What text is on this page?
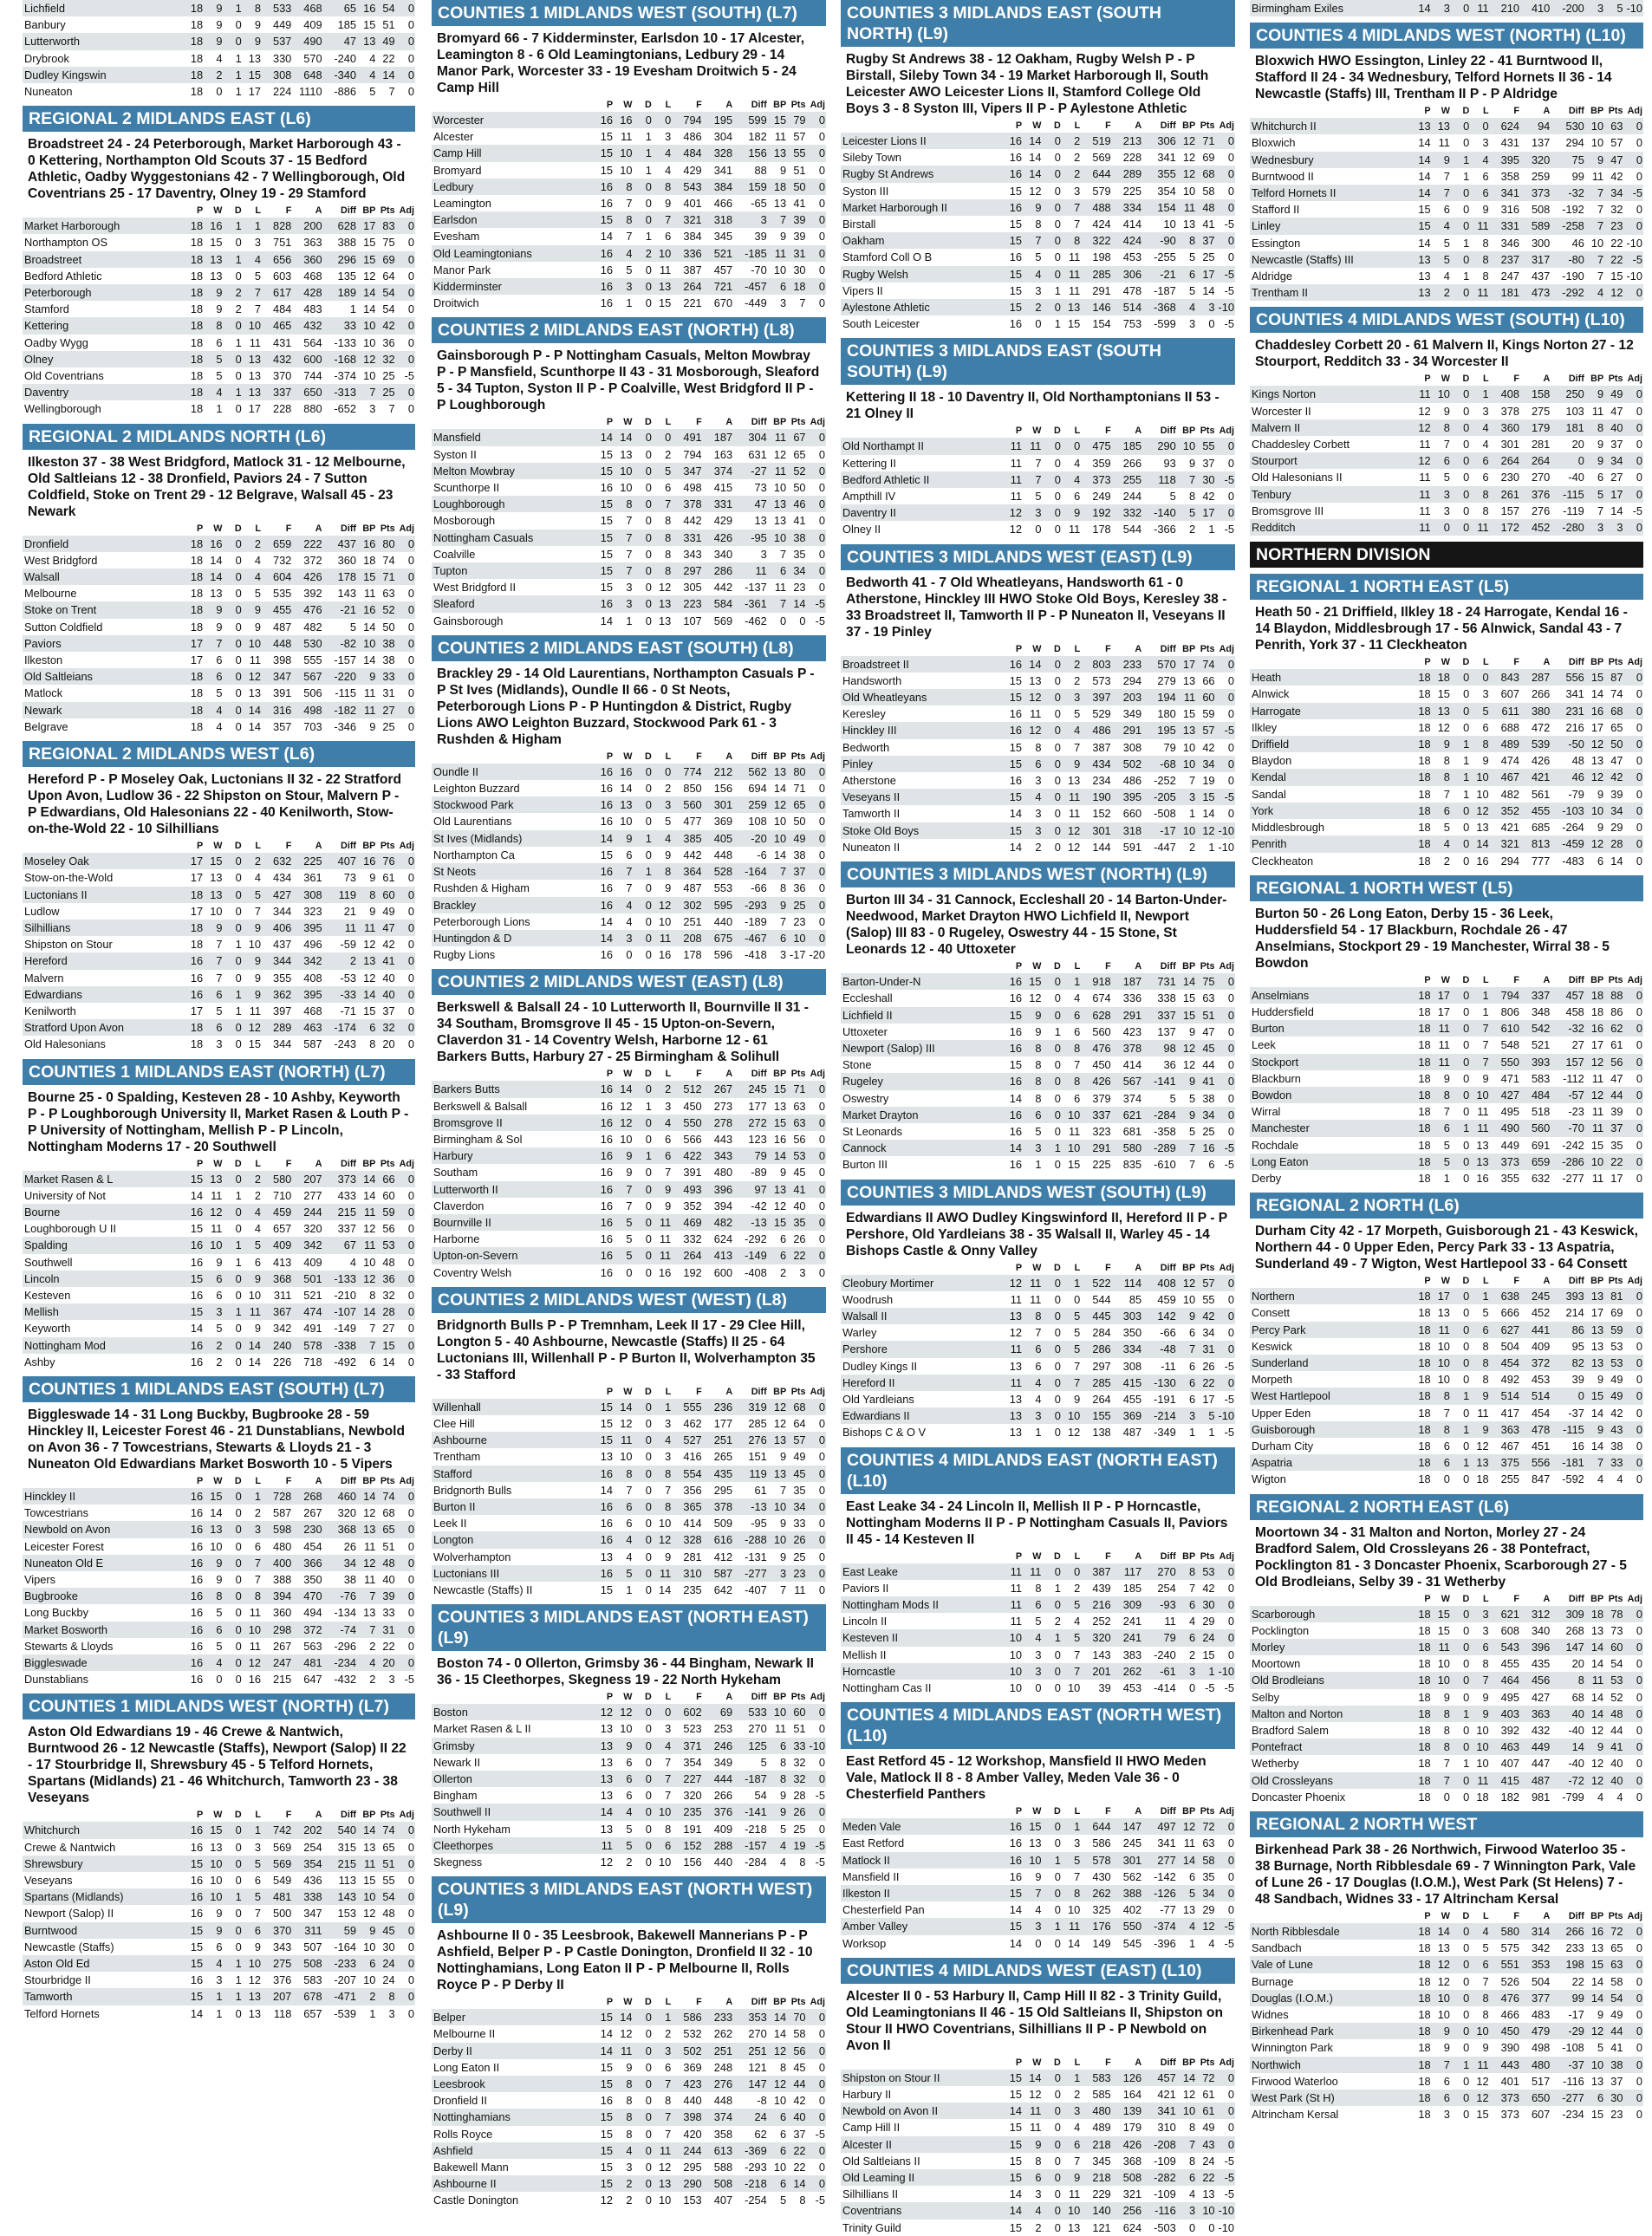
Lichfield	18	9	1	8	533	468	65	16	54	0
Banbury	18	9	0	9	449	409	185	15	51	0
Lutterworth	18	9	0	9	537	490	47	13	49	0
Drybrook	18	4	1	13	330	570	-240	4	22	0
Dudley Kingswin	18	2	1	15	308	648	-340	4	14	0
Nuneaton	18	0	1	17	224	1110	-886	5	7	0
REGIONAL 2 MIDLANDS EAST (L6)
Broadstreet 24 - 24 Peterborough, Market Harborough 43 - 0 Kettering, Northampton Old Scouts 37 - 15 Bedford Athletic, Oadby Wyggestonians 42 - 7 Wellingborough, Old Coventrians 25 - 17 Daventry, Olney 19 - 29 Stamford
	P	W	D	L	F	A	Diff	BP	Pts	Adj
Market Harborough	18	16	1	1	828	200	628	17	83	0
Northampton OS	18	15	0	3	751	363	388	15	75	0
Broadstreet	18	13	1	4	656	360	296	15	69	0
Bedford Athletic	18	13	0	5	603	468	135	12	64	0
Peterborough	18	9	2	7	617	428	189	14	54	0
Stamford	18	9	2	7	484	483	1	14	54	0
Kettering	18	8	0	10	465	432	33	10	42	0
Oadby Wygg	18	6	1	11	431	564	-133	10	36	0
Olney	18	5	0	13	432	600	-168	12	32	0
Old Coventrians	18	5	0	13	370	744	-374	10	25	-5
Daventry	18	4	1	13	337	650	-313	7	25	0
Wellingborough	18	1	0	17	228	880	-652	3	7	0
REGIONAL 2 MIDLANDS NORTH (L6)
Ilkeston 37 - 38 West Bridgford, Matlock 31 - 12 Melbourne, Old Saltleians 12 - 38 Dronfield, Paviors 24 - 7 Sutton Coldfield, Stoke on Trent 29 - 12 Belgrave, Walsall 45 - 23 Newark
	P	W	D	L	F	A	Diff	BP	Pts	Adj
Dronfield	18	16	0	2	659	222	437	16	80	0
West Bridgford	18	14	0	4	732	372	360	18	74	0
Walsall	18	14	0	4	604	426	178	15	71	0
Melbourne	18	13	0	5	535	392	143	11	63	0
Stoke on Trent	18	9	0	9	455	476	-21	16	52	0
Sutton Coldfield	18	9	0	9	487	482	5	14	50	0
Paviors	17	7	0	10	448	530	-82	10	38	0
Ilkeston	17	6	0	11	398	555	-157	14	38	0
Old Saltleians	18	6	0	12	347	567	-220	9	33	0
Matlock	18	5	0	13	391	506	-115	11	31	0
Newark	18	4	0	14	316	498	-182	11	27	0
Belgrave	18	4	0	14	357	703	-346	9	25	0
REGIONAL 2 MIDLANDS WEST (L6)
Hereford P - P Moseley Oak, Luctonians II 32 - 22 Stratford Upon Avon, Ludlow 36 - 22 Shipston on Stour, Malvern P - P Edwardians, Old Halesonians 22 - 40 Kenilworth, Stow-on-the-Wold 22 - 10 Silhillians
	P	W	D	L	F	A	Diff	BP	Pts	Adj
Moseley Oak	17	15	0	2	632	225	407	16	76	0
Stow-on-the-Wold	17	13	0	4	434	361	73	9	61	0
Luctonians II	18	13	0	5	427	308	119	8	60	0
Ludlow	17	10	0	7	344	323	21	9	49	0
Silhillians	18	9	0	9	406	395	11	11	47	0
Shipston on Stour	18	7	1	10	437	496	-59	12	42	0
Hereford	16	7	0	9	344	342	2	13	41	0
Malvern	16	7	0	9	355	408	-53	12	40	0
Edwardians	16	6	1	9	362	395	-33	14	40	0
Kenilworth	17	5	1	11	397	468	-71	15	37	0
Stratford Upon Avon	18	6	0	12	289	463	-174	6	32	0
Old Halesonians	18	3	0	15	344	587	-243	8	20	0
COUNTIES 1 MIDLANDS EAST (NORTH) (L7)
Bourne 25 - 0 Spalding, Kesteven 28 - 10 Ashby, Keyworth P - P Loughborough University II, Market Rasen & Louth P - P University of Nottingham, Mellish P - P Lincoln, Nottingham Moderns 17 - 20 Southwell
	P	W	D	L	F	A	Diff	BP	Pts	Adj
Market Rasen & L	15	13	0	2	580	207	373	14	66	0
University of Not	14	11	1	2	710	277	433	14	60	0
Bourne	16	12	0	4	459	244	215	11	59	0
Loughborough U II	15	11	0	4	657	320	337	12	56	0
Spalding	16	10	1	5	409	342	67	11	53	0
Southwell	16	9	1	6	413	409	4	10	48	0
Lincoln	15	6	0	9	368	501	-133	12	36	0
Kesteven	16	6	0	10	311	521	-210	8	32	0
Mellish	15	3	1	11	367	474	-107	14	28	0
Keyworth	14	5	0	9	342	491	-149	7	27	0
Nottingham Mod	16	2	0	14	240	578	-338	7	15	0
Ashby	16	2	0	14	226	718	-492	6	14	0
COUNTIES 1 MIDLANDS EAST (SOUTH) (L7)
Biggleswade 14 - 31 Long Buckby, Bugbrooke 28 - 59 Hinckley II, Leicester Forest 46 - 21 Dunstablians, Newbold on Avon 36 - 7 Towcestrians, Stewarts & Lloyds 21 - 3 Nuneaton Old Edwardians Market Bosworth 10 - 5 Vipers
	P	W	D	L	F	A	Diff	BP	Pts	Adj
Hinckley II	16	15	0	1	728	268	460	14	74	0
Towcestrians	16	14	0	2	587	267	320	12	68	0
Newbold on Avon	16	13	0	3	598	230	368	13	65	0
Leicester Forest	16	10	0	6	480	454	26	11	51	0
Nuneaton Old E	16	9	0	7	400	366	34	12	48	0
Vipers	16	9	0	7	388	350	38	11	40	0
Bugbrooke	16	8	0	8	394	470	-76	7	39	0
Long Buckby	16	5	0	11	360	494	-134	13	33	0
Market Bosworth	16	6	0	10	298	372	-74	7	31	0
Stewarts & Lloyds	16	5	0	11	267	563	-296	2	22	0
Biggleswade	16	4	0	12	247	481	-234	4	20	0
Dunstablians	16	0	0	16	215	647	-432	2	3	-5
COUNTIES 1 MIDLANDS WEST (NORTH) (L7)
Aston Old Edwardians 19 - 46 Crewe & Nantwich, Burntwood 26 - 12 Newcastle (Staffs), Newport (Salop) II 22 - 17 Stourbridge II, Shrewsbury 45 - 5 Telford Hornets, Spartans (Midlands) 21 - 46 Whitchurch, Tamworth 23 - 38 Veseyans
	P	W	D	L	F	A	Diff	BP	Pts	Adj
Whitchurch	16	15	0	1	742	202	540	14	74	0
Crewe & Nantwich	16	13	0	3	569	254	315	13	65	0
Shrewsbury	15	10	0	5	569	354	215	11	51	0
Veseyans	16	10	0	6	549	436	113	15	55	0
Spartans (Midlands)	16	10	1	5	481	338	143	10	54	0
Newport (Salop) II	16	9	0	7	500	347	153	12	48	0
Burntwood	15	9	0	6	370	311	59	9	45	0
Newcastle (Staffs)	15	6	0	9	343	507	-164	10	30	0
Aston Old Ed	15	4	1	10	275	508	-233	6	24	0
Stourbridge II	16	3	1	12	376	583	-207	10	24	0
Tamworth	15	1	1	13	207	678	-471	2	8	0
Telford Hornets	14	1	0	13	118	657	-539	1	3	0
COUNTIES 1 MIDLANDS WEST (SOUTH) (L7)
Bromyard 66 - 7 Kidderminster, Earlsdon 10 - 17 Alcester, Leamington 8 - 6 Old Leamingtonians, Ledbury 29 - 14 Manor Park, Worcester 33 - 19 Evesham Droitwich 5 - 24 Camp Hill
	P	W	D	L	F	A	Diff	BP	Pts	Adj
Worcester	16	16	0	0	794	195	599	15	79	0
Alcester	15	11	1	3	486	304	182	11	57	0
Camp Hill	15	10	1	4	484	328	156	13	55	0
Bromyard	15	10	1	4	429	341	88	9	51	0
Ledbury	16	8	0	8	543	384	159	18	50	0
Leamington	16	7	0	9	401	466	-65	13	41	0
Earlsdon	15	8	0	7	321	318	3	7	39	0
Evesham	14	7	1	6	384	345	39	9	39	0
Old Leamingtonians	16	4	2	10	336	521	-185	11	31	0
Manor Park	16	5	0	11	387	457	-70	10	30	0
Kidderminster	16	3	0	13	264	721	-457	6	18	0
Droitwich	16	1	0	15	221	670	-449	3	7	0
COUNTIES 2 MIDLANDS EAST (NORTH) (L8)
Gainsborough P - P Nottingham Casuals, Melton Mowbray P - P Mansfield, Scunthorpe II 43 - 31 Mosborough, Sleaford 5 - 34 Tupton, Syston II P - P Coalville, West Bridgford II P - P Loughborough
	P	W	D	L	F	A	Diff	BP	Pts	Adj
Mansfield	14	14	0	0	491	187	304	11	67	0
Syston II	15	13	0	2	794	163	631	12	65	0
Melton Mowbray	15	10	0	5	347	374	-27	11	52	0
Scunthorpe II	16	10	0	6	498	415	73	10	50	0
Loughborough	15	8	0	7	378	331	47	13	46	0
Mosborough	15	7	0	8	442	429	13	13	41	0
Nottingham Casuals	15	7	0	8	331	426	-95	10	38	0
Coalville	15	7	0	8	343	340	3	7	35	0
Tupton	15	7	0	8	297	286	11	6	34	0
West Bridgford II	15	3	0	12	305	442	-137	11	23	0
Sleaford	16	3	0	13	223	584	-361	7	14	-5
Gainsborough	14	1	0	13	107	569	-462	0	0	-5
COUNTIES 2 MIDLANDS EAST (SOUTH) (L8)
Brackley 29 - 14 Old Laurentians, Northampton Casuals P - P St Ives (Midlands), Oundle II 66 - 0 St Neots, Peterborough Lions P - P Huntingdon & District, Rugby Lions AWO Leighton Buzzard, Stockwood Park 61 - 3 Rushden & Higham
	P	W	D	L	F	A	Diff	BP	Pts	Adj
Oundle II	16	16	0	0	774	212	562	13	80	0
Leighton Buzzard	16	14	0	2	850	156	694	14	71	0
Stockwood Park	16	13	0	3	560	301	259	12	65	0
Old Laurentians	16	10	0	5	477	369	108	10	50	0
St Ives (Midlands)	14	9	1	4	385	405	-20	10	49	0
Northampton Ca	15	6	0	9	442	448	-6	14	38	0
St Neots	16	7	1	8	364	528	-164	7	37	0
Rushden & Higham	16	7	0	9	487	553	-66	8	36	0
Brackley	16	4	0	12	302	595	-293	9	25	0
Peterborough Lions	14	4	0	10	251	440	-189	7	23	0
Huntingdon & D	14	3	0	11	208	675	-467	6	10	0
Rugby Lions	16	0	0	16	178	596	-418	3	-17	-20
COUNTIES 2 MIDLANDS WEST (EAST) (L8)
Berkswell & Balsall 24 - 10 Lutterworth II, Bournville II 31 - 34 Southam, Bromsgrove II 45 - 15 Upton-on-Severn, Claverdon 31 - 14 Coventry Welsh, Harborne 12 - 61 Barkers Butts, Harbury 27 - 25 Birmingham & Solihull
	P	W	D	L	F	A	Diff	BP	Pts	Adj
Barkers Butts	16	14	0	2	512	267	245	15	71	0
Berkswell & Balsall	16	12	1	3	450	273	177	13	63	0
Bromsgrove II	16	12	0	4	550	278	272	15	63	0
Birmingham & Sol	16	10	0	6	566	443	123	16	56	0
Harbury	16	9	1	6	422	343	79	14	53	0
Southam	16	9	0	7	391	480	-89	9	45	0
Lutterworth II	16	7	0	9	493	396	97	13	41	0
Claverdon	16	7	0	9	352	394	-42	12	40	0
Bournville II	16	5	0	11	469	482	-13	15	35	0
Harborne	16	5	0	11	332	624	-292	6	26	0
Upton-on-Severn	16	5	0	11	264	413	-149	6	22	0
Coventry Welsh	16	0	0	16	192	600	-408	2	3	0
COUNTIES 2 MIDLANDS WEST (WEST) (L8)
Bridgnorth Bulls P - P Tremnham, Leek II 17 - 29 Clee Hill, Longton 5 - 40 Ashbourne, Newcastle (Staffs) II 25 - 64 Luctonians III, Willenhall P - P Burton II, Wolverhampton 35 - 33 Stafford
	P	W	D	L	F	A	Diff	BP	Pts	Adj
Willenhall	15	14	0	1	555	236	319	12	68	0
Clee Hill	15	12	0	3	462	177	285	12	64	0
Ashbourne	15	11	0	4	527	251	276	13	57	0
Trentham	13	10	0	3	416	265	151	9	49	0
Stafford	16	8	0	8	554	435	119	13	45	0
Bridgnorth Bulls	14	7	0	7	356	295	61	7	35	0
Burton II	16	6	0	8	365	378	-13	10	34	0
Leek II	16	6	0	10	414	509	-95	9	33	0
Longton	16	4	0	12	328	616	-288	10	26	0
Wolverhampton	13	4	0	9	281	412	-131	9	25	0
Luctonians III	16	5	0	11	310	587	-277	3	23	0
Newcastle (Staffs) II	15	1	0	14	235	642	-407	7	11	0
COUNTIES 3 MIDLANDS EAST (NORTH EAST) (L9)
Boston 74 - 0 Ollerton, Grimsby 36 - 44 Bingham, Newark II 36 - 15 Cleethorpes, Skegness 19 - 22 North Hykeham
	P	W	D	L	F	A	Diff	BP	Pts	Adj
Boston	12	12	0	0	602	69	533	10	60	0
Market Rasen & L II	13	10	0	3	523	253	270	11	51	0
Grimsby	13	9	0	4	371	246	125	6	33	-10
Newark II	13	6	0	7	354	349	5	8	32	0
Ollerton	13	6	0	7	227	444	-187	8	32	0
Bingham	13	6	0	7	320	266	54	9	28	-5
Southwell II	14	4	0	10	235	376	-141	9	26	0
North Hykeham	13	5	0	8	191	409	-218	5	25	0
Cleethorpes	11	5	0	6	152	288	-157	4	19	-5
Skegness	12	2	0	10	156	440	-284	4	8	-5
COUNTIES 3 MIDLANDS EAST (NORTH WEST) (L9)
Ashbourne II 0 - 35 Leesbrook, Bakewell Mannerians P - P Ashfield, Belper P - P Castle Donington, Dronfield II 32 - 10 Nottinghamians, Long Eaton II P - P Melbourne II, Rolls Royce P - P Derby II
	P	W	D	L	F	A	Diff	BP	Pts	Adj
Belper	15	14	0	1	586	233	353	14	70	0
Melbourne II	14	12	0	2	532	262	270	14	58	0
Derby II	14	11	0	3	502	251	251	12	56	0
Long Eaton II	15	9	0	6	369	248	121	8	45	0
Leesbrook	15	8	0	7	423	276	147	12	44	0
Dronfield II	16	8	0	8	440	448	-8	10	42	0
Nottinghamians	15	8	0	7	398	374	24	6	40	0
Rolls Royce	15	8	0	7	420	358	62	6	37	-5
Ashfield	15	4	0	11	244	613	-369	6	22	0
Bakewell Mann	15	3	0	12	295	588	-293	10	22	0
Ashbourne II	15	2	0	13	290	508	-218	6	14	0
Castle Donington	12	2	0	10	153	407	-254	5	8	-5
COUNTIES 3 MIDLANDS EAST (SOUTH NORTH) (L9)
Rugby St Andrews 38 - 12 Oakham, Rugby Welsh P - P Birstall, Sileby Town 34 - 19 Market Harborough II, South Leicester AWO Leicester Lions II, Stamford College Old Boys 3 - 8 Syston III, Vipers II P - P Aylestone Athletic
	P	W	D	L	F	A	Diff	BP	Pts	Adj
Leicester Lions II	16	14	0	2	519	213	306	12	71	0
Sileby Town	16	14	0	2	569	228	341	12	69	0
Rugby St Andrews	16	14	0	2	644	289	355	12	68	0
Syston III	15	12	0	3	579	225	354	10	58	0
Market Harborough II	16	9	0	7	488	334	154	11	48	0
Birstall	15	8	0	7	424	414	10	13	41	-5
Oakham	15	7	0	8	322	424	-90	8	37	0
Stamford Coll O B	16	5	0	11	198	453	-255	5	25	0
Rugby Welsh	15	4	0	11	285	306	-21	6	17	-5
Vipers II	15	3	1	11	291	478	-187	5	14	-5
Aylestone Athletic	15	2	0	13	146	514	-368	4	3	-10
South Leicester	16	0	1	15	154	753	-599	3	0	-5
COUNTIES 3 MIDLANDS EAST (SOUTH SOUTH) (L9)
Kettering II 18 - 10 Daventry II, Old Northamptonians II 53 - 21 Olney II
	P	W	D	L	F	A	Diff	BP	Pts	Adj
Old Northampt II	11	11	0	0	475	185	290	10	55	0
Kettering II	11	7	0	4	359	266	93	9	37	0
Bedford Athletic II	11	7	0	4	373	255	118	7	30	-5
Ampthill IV	11	5	0	6	249	244	5	8	42	0
Daventry II	12	3	0	9	192	332	-140	5	17	0
Olney II	12	0	0	11	178	544	-366	2	1	-5
COUNTIES 3 MIDLANDS WEST (EAST) (L9)
Bedworth 41 - 7 Old Wheatleyans, Handsworth 61 - 0 Atherstone, Hinckley III HWO Stoke Old Boys, Keresley 38 - 33 Broadstreet II, Tamworth II P - P Nuneaton II, Veseyans II 37 - 19 Pinley
	P	W	D	L	F	A	Diff	BP	Pts	Adj
Broadstreet II	16	14	0	2	803	233	570	17	74	0
Handsworth	15	13	0	2	573	294	279	13	66	0
Old Wheatleyans	15	12	0	3	397	203	194	11	60	0
Keresley	16	11	0	5	529	349	180	15	59	0
Hinckley III	16	12	0	4	486	291	195	13	57	-5
Bedworth	15	8	0	7	387	308	79	10	42	0
Pinley	15	6	0	9	434	502	-68	10	34	0
Atherstone	16	3	0	13	234	486	-252	7	19	0
Veseyans II	15	4	0	11	190	395	-205	3	15	-5
Tamworth II	14	3	0	11	152	660	-508	1	14	0
Stoke Old Boys	15	3	0	12	301	318	-17	10	12	-10
Nuneaton II	14	2	0	12	144	591	-447	2	1	-10
COUNTIES 3 MIDLANDS WEST (NORTH) (L9)
Burton III 34 - 31 Cannock, Eccleshall 20 - 14 Barton-Under-Needwood, Market Drayton HWO Lichfield II, Newport (Salop) III 83 - 0 Rugeley, Oswestry 44 - 15 Stone, St Leonards 12 - 40 Uttoxeter
	P	W	D	L	F	A	Diff	BP	Pts	Adj
Barton-Under-N	16	15	0	1	918	187	731	14	75	0
Eccleshall	16	12	0	4	674	336	338	15	63	0
Lichfield II	15	9	0	6	628	291	337	15	51	0
Uttoxeter	16	9	1	6	560	423	137	9	47	0
Newport (Salop) III	16	8	0	8	476	378	98	12	45	0
Stone	15	8	0	7	450	414	36	12	44	0
Rugeley	16	8	0	8	426	567	-141	9	41	0
Oswestry	14	8	0	6	379	374	5	5	38	0
Market Drayton	16	6	0	10	337	621	-284	9	34	0
St Leonards	16	5	0	11	323	681	-358	5	25	0
Cannock	14	3	1	10	291	580	-289	7	16	-5
Burton III	16	1	0	15	225	835	-610	7	6	-5
COUNTIES 3 MIDLANDS WEST (SOUTH) (L9)
Edwardians II AWO Dudley Kingswinford II, Hereford II P - P Pershore, Old Yardleians 38 - 35 Walsall II, Warley 45 - 14 Bishops Castle & Onny Valley
	P	W	D	L	F	A	Diff	BP	Pts	Adj
Cleobury Mortimer	12	11	0	1	522	114	408	12	57	0
Woodrush	11	11	0	0	544	85	459	10	55	0
Walsall II	13	8	0	5	445	303	142	9	42	0
Warley	12	7	0	5	284	350	-66	6	34	0
Pershore	11	6	0	5	286	334	-48	7	31	0
Dudley Kings II	13	6	0	7	297	308	-11	6	26	-5
Hereford II	11	4	0	7	285	415	-130	6	22	0
Old Yardleians	13	4	0	9	264	455	-191	6	17	-5
Edwardians II	13	3	0	10	155	369	-214	3	5	-10
Bishops C & O V	13	1	0	12	138	487	-349	1	1	-5
COUNTIES 4 MIDLANDS EAST (NORTH EAST) (L10)
East Leake 34 - 24 Lincoln II, Mellish II P - P Horncastle, Nottingham Moderns II P - P Nottingham Casuals II, Paviors II 45 - 14 Kesteven II
	P	W	D	L	F	A	Diff	BP	Pts	Adj
East Leake	11	11	0	0	387	117	270	8	53	0
Paviors II	11	8	1	2	439	185	254	7	42	0
Nottingham Mods II	11	6	0	5	216	309	-93	6	30	0
Lincoln II	11	5	2	4	252	241	11	4	29	0
Kesteven II	10	4	1	5	320	241	79	6	24	0
Mellish II	10	3	0	7	143	383	-240	2	15	0
Horncastle	10	3	0	7	201	262	-61	3	1	-10
Nottingham Cas II	10	0	0	10	39	453	-414	0	-5	-5
COUNTIES 4 MIDLANDS EAST (NORTH WEST) (L10)
East Retford 45 - 12 Workshop, Mansfield II HWO Meden Vale, Matlock II 8 - 8 Amber Valley, Meden Vale 36 - 0 Chesterfield Panthers
	P	W	D	L	F	A	Diff	BP	Pts	Adj
Meden Vale	16	15	0	1	644	147	497	12	72	0
East Retford	16	13	0	3	586	245	341	11	63	0
Matlock II	16	10	1	5	578	301	277	14	58	0
Mansfield II	16	9	0	7	430	562	-142	6	35	0
Ilkeston II	15	7	0	8	262	388	-126	5	34	0
Chesterfield Pan	14	4	0	10	325	402	-77	13	29	0
Amber Valley	15	3	1	11	176	550	-374	4	12	-5
Worksop	14	0	0	14	149	545	-396	1	4	-5
COUNTIES 4 MIDLANDS WEST (EAST) (L10)
Alcester II 0 - 53 Harbury II, Camp Hill II 82 - 3 Trinity Guild, Old Leamingtonians II 46 - 15 Old Saltleians II, Shipston on Stour II HWO Coventrians, Silhillians II P - P Newbold on Avon II
	P	W	D	L	F	A	Diff	BP	Pts	Adj
Shipston on Stour II	15	14	0	1	583	126	457	14	72	0
Harbury II	15	12	0	2	585	164	421	12	61	0
Newbold on Avon II	14	11	0	3	480	139	341	10	61	0
Camp Hill II	15	11	0	4	489	179	310	8	49	0
Alcester II	15	9	0	6	218	426	-208	7	43	0
Old Saltleians II	15	8	0	7	345	368	-109	8	24	-5
Old Leaming II	15	6	0	9	218	508	-282	6	22	-5
Silhillians II	14	3	0	11	229	321	-109	4	13	-5
Coventrians	14	4	0	10	140	256	-116	3	10	-10
Trinity Guild	15	2	0	13	121	624	-503	0	0	-10
Birmingham Exiles	14	3	0	11	210	410	-200	3	5	-10
COUNTIES 4 MIDLANDS WEST (NORTH) (L10)
Bloxwich HWO Essington, Linley 22 - 41 Burntwood II, Stafford II 24 - 34 Wednesbury, Telford Hornets II 36 - 14 Newcastle (Staffs) III, Trentham II P - P Aldridge
	P	W	D	L	F	A	Diff	BP	Pts	Adj
Whitchurch II	13	13	0	0	624	94	530	10	63	0
Bloxwich	14	11	0	3	431	137	294	10	57	0
Wednesbury	14	9	1	4	395	320	75	9	47	0
Burntwood II	14	7	1	6	358	259	99	11	42	0
Telford Hornets II	14	7	0	6	341	373	-32	7	34	-5
Stafford II	15	6	0	9	316	508	-192	7	32	0
Linley	15	4	0	11	331	589	-258	7	23	0
Essington	14	5	1	8	346	300	46	10	22	-10
Newcastle (Staffs) III	13	5	0	8	237	317	-80	7	22	-5
Aldridge	13	4	1	8	247	437	-190	7	15	-10
Trentham II	13	2	0	11	181	473	-292	4	12	0
COUNTIES 4 MIDLANDS WEST (SOUTH) (L10)
Chaddesley Corbett 20 - 61 Malvern II, Kings Norton 27 - 12 Stourport, Redditch 33 - 34 Worcester II
	P	W	D	L	F	A	Diff	BP	Pts	Adj
Kings Norton	11	10	0	1	408	158	250	9	49	0
Worcester II	12	9	0	3	378	275	103	11	47	0
Malvern II	12	8	0	4	360	179	181	8	40	0
Chaddesley Corbett	11	7	0	4	301	281	20	9	37	0
Stourport	12	6	0	6	264	264	0	9	34	0
Old Halesonians II	11	5	0	6	230	270	-40	6	27	0
Tenbury	11	3	0	8	261	376	-115	5	17	0
Bromsgrove III	11	3	0	8	157	276	-119	7	14	-5
Redditch	11	0	0	11	172	452	-280	3	3	0
NORTHERN DIVISION
REGIONAL 1 NORTH EAST (L5)
Heath 50 - 21 Driffield, Ilkley 18 - 24 Harrogate, Kendal 16 - 14 Blaydon, Middlesbrough 17 - 56 Alnwick, Sandal 43 - 7 Penrith, York 37 - 11 Cleckheaton
	P	W	D	L	F	A	Diff	BP	Pts	Adj
Heath	18	18	0	0	843	287	556	15	87	0
Alnwick	18	15	0	3	607	266	341	14	74	0
Harrogate	18	13	0	5	611	380	231	16	68	0
Ilkley	18	12	0	6	688	472	216	17	65	0
Driffield	18	9	1	8	489	539	-50	12	50	0
Blaydon	18	8	1	9	474	426	48	13	47	0
Kendal	18	8	1	10	467	421	46	12	42	0
Sandal	18	7	1	10	482	561	-79	9	39	0
York	18	6	0	12	352	455	-103	10	34	0
Middlesbrough	18	5	0	13	421	685	-264	9	29	0
Penrith	18	4	0	14	321	813	-459	12	28	0
Cleckheaton	18	2	0	16	294	777	-483	6	14	0
REGIONAL 1 NORTH WEST (L5)
Burton 50 - 26 Long Eaton, Derby 15 - 36 Leek, Huddersfield 54 - 17 Blackburn, Rochdale 26 - 47 Anselmians, Stockport 29 - 19 Manchester, Wirral 38 - 5 Bowdon
	P	W	D	L	F	A	Diff	BP	Pts	Adj
Anselmians	18	17	0	1	794	337	457	18	88	0
Huddersfield	18	17	0	1	806	348	458	18	86	0
Burton	18	11	0	7	610	542	-32	16	62	0
Leek	18	11	0	7	548	521	27	17	61	0
Stockport	18	11	0	7	550	393	157	12	56	0
Blackburn	18	9	0	9	471	583	-112	11	47	0
Bowdon	18	8	0	10	427	484	-57	12	44	0
Wirral	18	7	0	11	495	518	-23	11	39	0
Manchester	18	6	1	11	490	560	-70	11	37	0
Rochdale	18	5	0	13	449	691	-242	15	35	0
Long Eaton	18	5	0	13	373	659	-286	10	22	0
Derby	18	1	0	16	355	632	-277	11	17	0
REGIONAL 2 NORTH (L6)
Durham City 42 - 17 Morpeth, Guisborough 21 - 43 Keswick, Northern 44 - 0 Upper Eden, Percy Park 33 - 13 Aspatria, Sunderland 49 - 7 Wigton, West Hartlepool 33 - 64 Consett
	P	W	D	L	F	A	Diff	BP	Pts	Adj
Northern	18	17	0	1	638	245	393	13	81	0
Consett	18	13	0	5	666	452	214	17	69	0
Percy Park	18	11	0	6	627	441	86	13	59	0
Keswick	18	10	0	8	504	409	95	13	53	0
Sunderland	18	10	0	8	454	372	82	13	53	0
Morpeth	18	10	0	8	492	453	39	9	49	0
West Hartlepool	18	8	1	9	514	514	0	15	49	0
Upper Eden	18	7	0	11	417	454	-37	14	42	0
Guisborough	18	8	1	9	363	478	-115	9	43	0
Durham City	18	6	0	12	467	451	16	14	38	0
Aspatria	18	6	1	13	375	556	-181	7	33	0
Wigton	18	0	0	18	255	847	-592	4	4	0
REGIONAL 2 NORTH EAST (L6)
Moortown 34 - 31 Malton and Norton, Morley 27 - 24 Bradford Salem, Old Crossleyans 26 - 38 Pontefract, Pocklington 81 - 3 Doncaster Phoenix, Scarborough 27 - 5 Old Brodleians, Selby 39 - 31 Wetherby
	P	W	D	L	F	A	Diff	BP	Pts	Adj
Scarborough	18	15	0	3	621	312	309	18	78	0
Pocklington	18	15	0	3	608	340	268	13	73	0
Morley	18	11	0	6	543	396	147	14	60	0
Moortown	18	10	0	8	455	435	20	14	54	0
Old Brodleians	18	10	0	7	464	456	8	11	53	0
Selby	18	9	0	9	495	427	68	14	52	0
Malton and Norton	18	8	1	9	403	363	40	14	48	0
Bradford Salem	18	8	0	10	392	432	-40	12	44	0
Pontefract	18	8	0	10	463	449	14	9	41	0
Wetherby	18	7	1	10	407	447	-40	12	40	0
Old Crossleyans	18	7	0	11	415	487	-72	12	40	0
Doncaster Phoenix	18	0	0	18	182	981	-799	4	4	0
REGIONAL 2 NORTH WEST
Birkenhead Park 38 - 26 Northwich, Firwood Waterloo 35 - 38 Burnage, North Ribblesdale 69 - 7 Winnington Park, Vale of Lune 26 - 17 Douglas (I.O.M.), West Park (St Helens) 7 - 48 Sandbach, Widnes 33 - 17 Altrincham Kersal
	P	W	D	L	F	A	Diff	BP	Pts	Adj
North Ribblesdale	18	14	0	4	580	314	266	16	72	0
Sandbach	18	13	0	5	575	342	233	13	65	0
Vale of Lune	18	12	0	6	551	353	198	15	63	0
Burnage	18	12	0	7	526	504	22	14	58	0
Douglas (I.O.M.)	18	10	0	8	476	377	99	14	54	0
Widnes	18	10	0	8	466	483	-17	9	49	0
Birkenhead Park	18	9	0	10	450	479	-29	12	44	0
Winnington Park	18	9	0	9	390	498	-108	5	41	0
Northwich	18	7	1	11	443	480	-37	10	38	0
Firwood Waterloo	18	6	0	12	401	517	-116	13	37	0
West Park (St H)	18	6	0	12	373	650	-277	6	30	0
Altrincham Kersal	18	3	0	15	373	607	-234	15	23	0
